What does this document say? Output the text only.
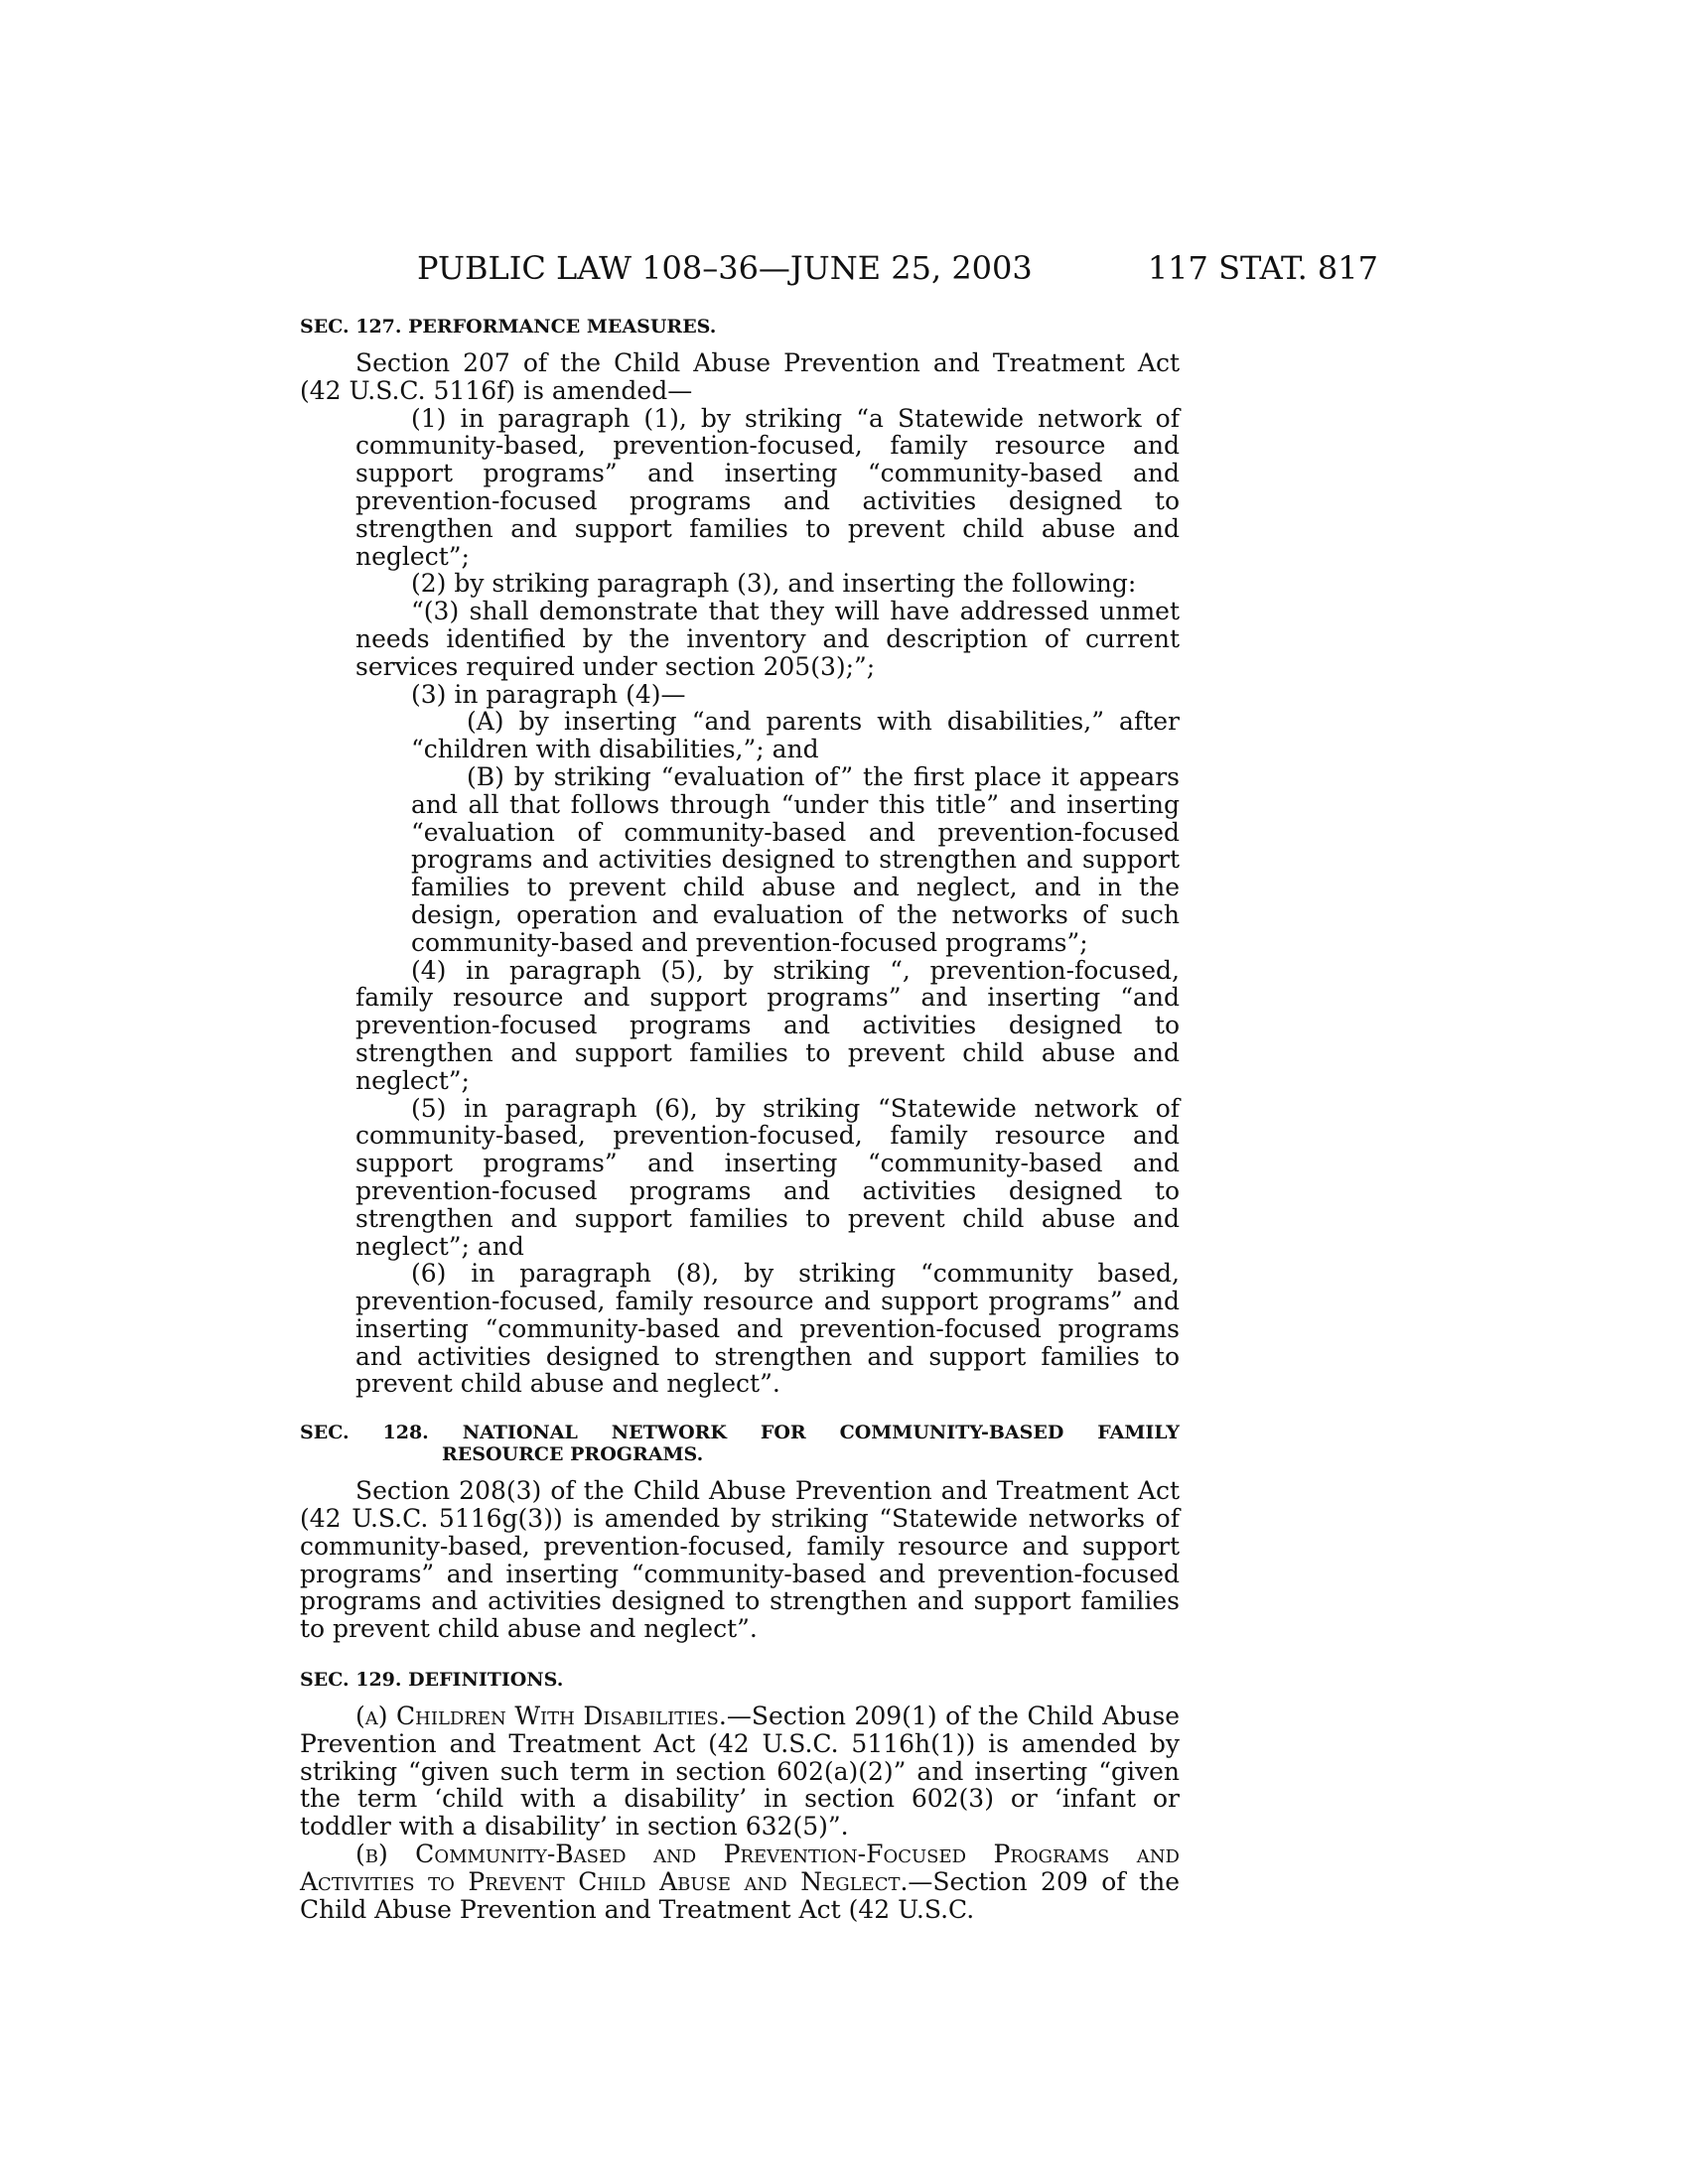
PUBLIC LAW 108–36—JUNE 25, 2003	117 STAT. 817
SEC. 127. PERFORMANCE MEASURES.

Section 207 of the Child Abuse Prevention and Treatment Act (42 U.S.C. 5116f) is amended—

(1) in paragraph (1), by striking “a Statewide network of community-based, prevention-focused, family resource and support programs” and inserting “community-based and prevention-focused programs and activities designed to strengthen and support families to prevent child abuse and neglect”;

(2) by striking paragraph (3), and inserting the following:

“(3) shall demonstrate that they will have addressed unmet
needs identified by the inventory and description of current services required under section 205(3);”;

(3) in paragraph (4)—

(A) by inserting “and parents with disabilities,” after “children with disabilities,”; and

(B) by striking “evaluation of” the first place it appears and all that follows through “under this title” and inserting “evaluation of community-based and prevention-focused programs and activities designed to strengthen and support families to prevent child abuse and neglect, and in the design, operation and evaluation of the networks of such community-based and prevention-focused programs”;

(4) in paragraph (5), by striking “, prevention-focused, family resource and support programs” and inserting “and prevention-focused programs and activities designed to strengthen and support families to prevent child abuse and neglect”;

(5) in paragraph (6), by striking “Statewide network of community-based, prevention-focused, family resource and support programs” and inserting “community-based and prevention-focused programs and activities designed to strengthen and support families to prevent child abuse and neglect”; and

(6) in paragraph (8), by striking “community based, prevention-focused, family resource and support programs” and inserting “community-based and prevention-focused programs and activities designed to strengthen and support families to prevent child abuse and neglect”.

SEC. 128. NATIONAL NETWORK FOR COMMUNITY-BASED FAMILY
RESOURCE PROGRAMS.

Section 208(3) of the Child Abuse Prevention and Treatment Act (42 U.S.C. 5116g(3)) is amended by striking “Statewide networks of community-based, prevention-focused, family resource and support programs” and inserting “community-based and prevention-focused programs and activities designed to strengthen and support families to prevent child abuse and neglect”.

SEC. 129. DEFINITIONS.

(a) Children With Disabilities.—Section 209(1) of the Child Abuse Prevention and Treatment Act (42 U.S.C. 5116h(1)) is amended by striking “given such term in section 602(a)(2)” and inserting “given the term ‘child with a disability’ in section 602(3) or ‘infant or toddler with a disability’ in section 632(5)”.

(b) Community-Based and Prevention-Focused Programs and Activities to Prevent Child Abuse and Neglect.—Section 209 of the Child Abuse Prevention and Treatment Act (42 U.S.C.
